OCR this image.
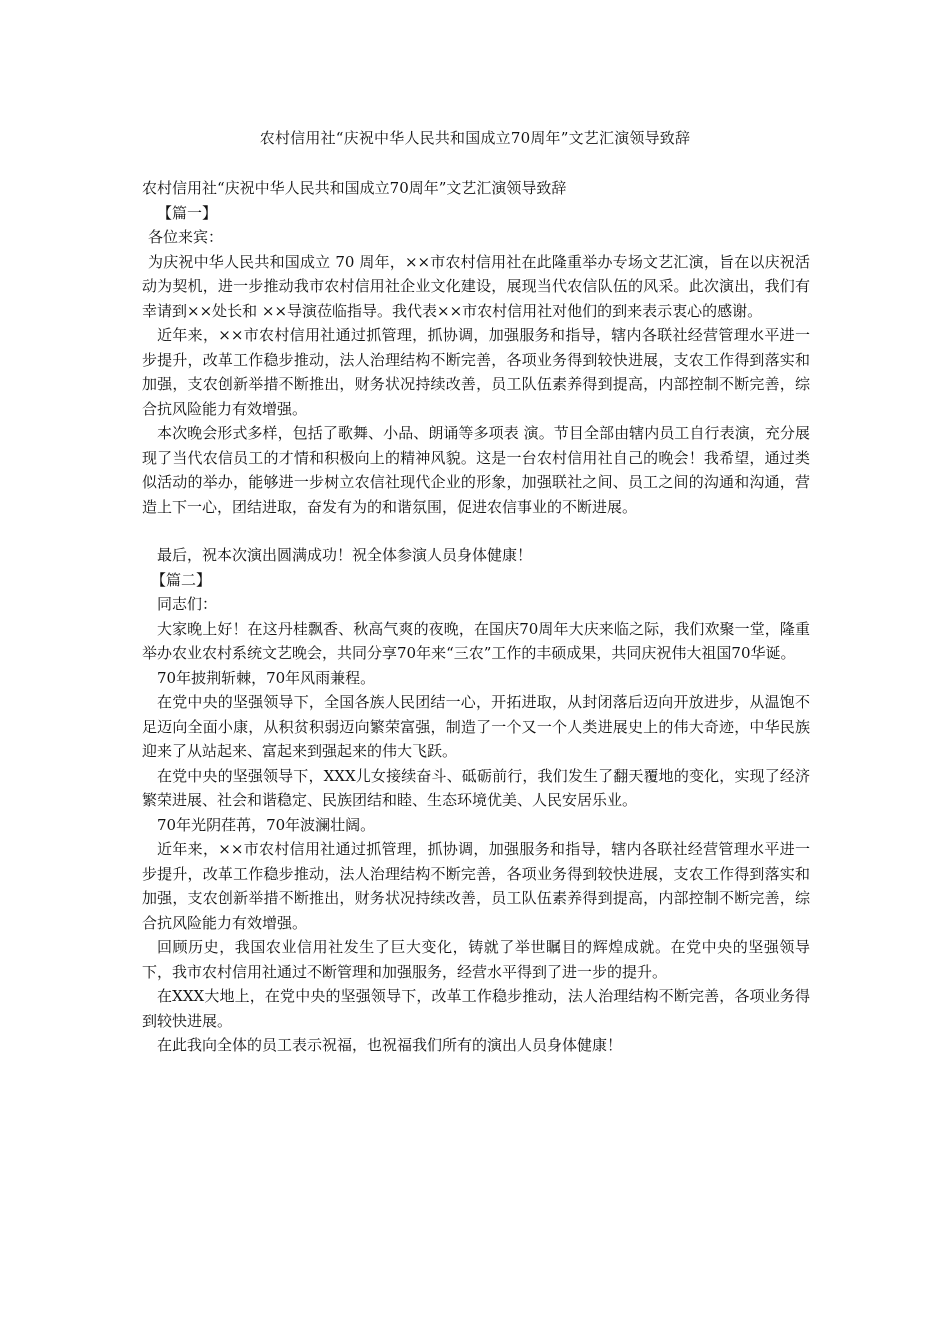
农村信用社“庆祝中华人民共和国成立70周年”文艺汇演领导致辞

农村信用社“庆祝中华人民共和国成立70周年”文艺汇演领导致辞

【篇一】

各位来宾：

为庆祝中华人民共和国成立 70 周年，××市农村信用社在此隆重举办专场文艺汇演，旨在以庆祝活动为契机，进一步推动我市农村信用社企业文化建设，展现当代农信队伍的风采。此次演出，我们有幸请到××处长和 ××导演莅临指导。我代表××市农村信用社对他们的到来表示衷心的感谢。

近年来，××市农村信用社通过抓管理，抓协调，加强服务和指导，辖内各联社经营管理水平进一步提升，改革工作稳步推动，法人治理结构不断完善，各项业务得到较快进展，支农工作得到落实和加强，支农创新举措不断推出，财务状况持续改善，员工队伍素养得到提高，内部控制不断完善，综合抗风险能力有效增强。

本次晚会形式多样，包括了歌舞、小品、朗诵等多项表 演。节目全部由辖内员工自行表演，充分展现了当代农信员工的才情和积极向上的精神风貌。这是一台农村信用社自己的晚会！我希望，通过类似活动的举办，能够进一步树立农信社现代企业的形象，加强联社之间、员工之间的沟通和沟通，营造上下一心，团结进取，奋发有为的和谐氛围，促进农信事业的不断进展。

最后，祝本次演出圆满成功！祝全体参演人员身体健康！

【篇二】

同志们：

大家晚上好！在这丹桂飘香、秋高气爽的夜晚，在国庆70周年大庆来临之际，我们欢聚一堂，隆重举办农业农村系统文艺晚会，共同分享70年来“三农”工作的丰硕成果，共同庆祝伟大祖国70华诞。

70年披荆斩棘，70年风雨兼程。

在党中央的坚强领导下，全国各族人民团结一心，开拓进取，从封闭落后迈向开放进步，从温饱不足迈向全面小康，从积贫积弱迈向繁荣富强，制造了一个又一个人类进展史上的伟大奇迹，中华民族迎来了从站起来、富起来到强起来的伟大飞跃。

在党中央的坚强领导下，XXX儿女接续奋斗、砥砺前行，我们发生了翻天覆地的变化，实现了经济繁荣进展、社会和谐稳定、民族团结和睦、生态环境优美、人民安居乐业。

70年光阴荏苒，70年波澜壮阔。

近年来，××市农村信用社通过抓管理，抓协调，加强服务和指导，辖内各联社经营管理水平进一步提升，改革工作稳步推动，法人治理结构不断完善，各项业务得到较快进展，支农工作得到落实和加强，支农创新举措不断推出，财务状况持续改善，员工队伍素养得到提高，内部控制不断完善，综合抗风险能力有效增强。

回顾历史，我国农业信用社发生了巨大变化，铸就了举世瞩目的辉煌成就。在党中央的坚强领导下，我市农村信用社通过不断管理和加强服务，经营水平得到了进一步的提升。

在XXX大地上，在党中央的坚强领导下，改革工作稳步推动，法人治理结构不断完善，各项业务得到较快进展。

在此我向全体的员工表示祝福，也祝福我们所有的演出人员身体健康！
